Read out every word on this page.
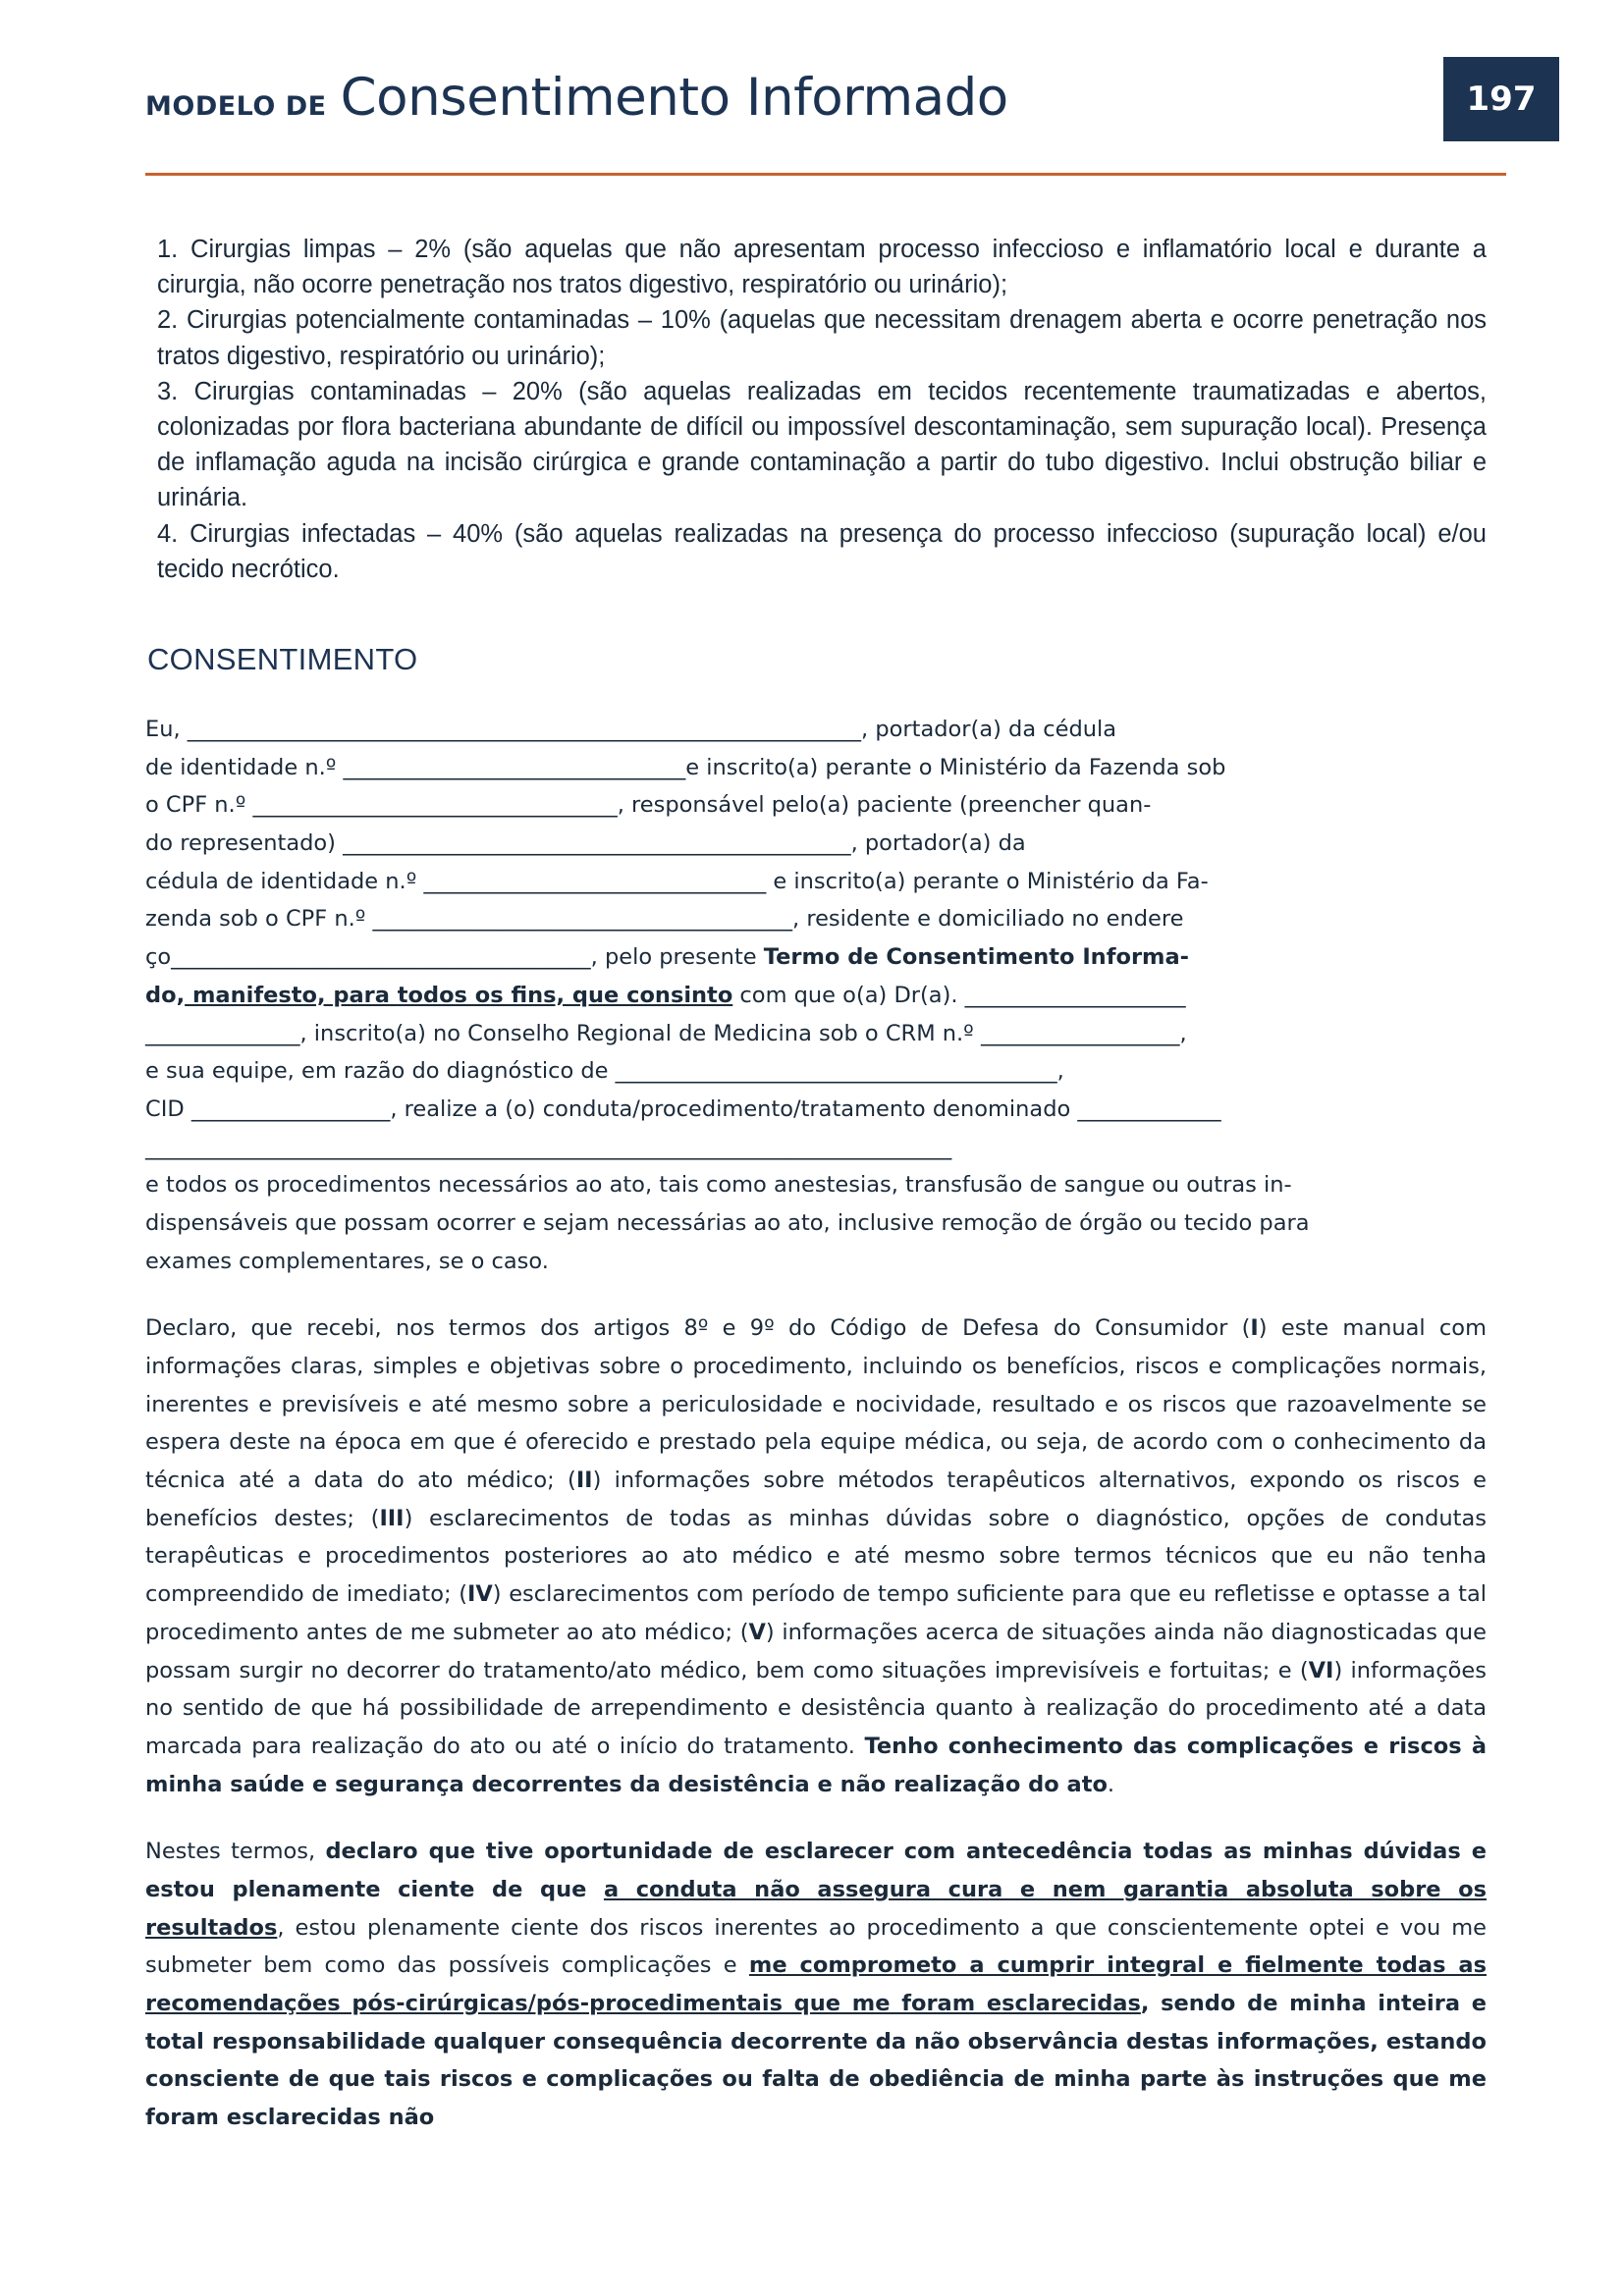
MODELO DE Consentimento Informado	197

1. Cirurgias limpas – 2% (são aquelas que não apresentam processo infeccioso e inflamatório local e durante a cirurgia, não ocorre penetração nos tratos digestivo, respiratório ou urinário);

2. Cirurgias potencialmente contaminadas – 10% (aquelas que necessitam drenagem aberta e ocorre penetração nos tratos digestivo, respiratório ou urinário);

3. Cirurgias contaminadas – 20% (são aquelas realizadas em tecidos recentemente traumatizadas e abertos, colonizadas por flora bacteriana abundante de difícil ou impossível descontaminação, sem supuração local). Presença de inflamação aguda na incisão cirúrgica e grande contaminação a partir do tubo digestivo. Inclui obstrução biliar e urinária.

4. Cirurgias infectadas – 40% (são aquelas realizadas na presença do processo infeccioso (supuração local) e/ou tecido necrótico.

CONSENTIMENTO

Eu, _____________________________________________________________, portador(a) da cédula

de identidade n.º _______________________________e inscrito(a) perante o Ministério da Fazenda sob

o CPF n.º _________________________________, responsável pelo(a) paciente (preencher quan-

do representado) ______________________________________________, portador(a) da

cédula de identidade n.º _______________________________ e inscrito(a) perante o Ministério da Fa-

zenda sob o CPF n.º ______________________________________, residente e domiciliado no endere

ço______________________________________, pelo presente Termo de Consentimento Informa-

do, manifesto, para todos os fins, que consinto com que o(a) Dr(a). ____________________

______________, inscrito(a) no Conselho Regional de Medicina sob o CRM n.º __________________,

e sua equipe, em razão do diagnóstico de ________________________________________,

CID __________________, realize a (o) conduta/procedimento/tratamento denominado _____________

_________________________________________________________________________

e todos os procedimentos necessários ao ato, tais como anestesias, transfusão de sangue ou outras in-

dispensáveis que possam ocorrer e sejam necessárias ao ato, inclusive remoção de órgão ou tecido para

exames complementares, se o caso.

Declaro, que recebi, nos termos dos artigos 8º e 9º do Código de Defesa do Consumidor (I) este manual com informações claras, simples e objetivas sobre o procedimento, incluindo os benefícios, riscos e complicações normais, inerentes e previsíveis e até mesmo sobre a periculosidade e nocividade, resultado e os riscos que razoavelmente se espera deste na época em que é oferecido e prestado pela equipe médica, ou seja, de acordo com o conhecimento da técnica até a data do ato médico; (II) informações sobre métodos terapêuticos alternativos, expondo os riscos e benefícios destes; (III) esclarecimentos de todas as minhas dúvidas sobre o diagnóstico, opções de condutas terapêuticas e procedimentos posteriores ao ato médico e até mesmo sobre termos técnicos que eu não tenha compreendido de imediato; (IV) esclarecimentos com período de tempo suficiente para que eu refletisse e optasse a tal procedimento antes de me submeter ao ato médico; (V) informações acerca de situações ainda não diagnosticadas que possam surgir no decorrer do tratamento/ato médico, bem como situações imprevisíveis e fortuitas; e (VI) informações no sentido de que há possibilidade de arrependimento e desistência quanto à realização do procedimento até a data marcada para realização do ato ou até o início do tratamento. Tenho conhecimento das complicações e riscos à minha saúde e segurança decorrentes da desistência e não realização do ato.
Nestes termos, declaro que tive oportunidade de esclarecer com antecedência todas as minhas dúvidas e estou plenamente ciente de que a conduta não assegura cura e nem garantia absoluta sobre os resultados, estou plenamente ciente dos riscos inerentes ao procedimento a que conscientemente optei e vou me submeter bem como das possíveis complicações e me comprometo a cumprir integral e fielmente todas as recomendações pós-cirúrgicas/pós-procedimentais que me foram esclarecidas, sendo de minha inteira e total responsabilidade qualquer consequência decorrente da não observância destas informações, estando consciente de que tais riscos e complicações ou falta de obediência de minha parte às instruções que me foram esclarecidas não
